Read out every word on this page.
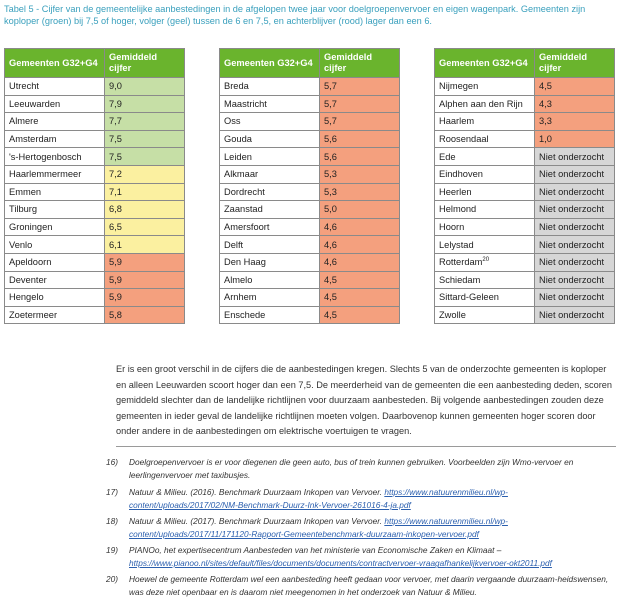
Tabel 5 - Cijfer van de gemeentelijke aanbestedingen in de afgelopen twee jaar voor doelgroepenvervoer en eigen wagenpark. Gemeenten zijn koploper (groen) bij 7,5 of hoger, volger (geel) tussen de 6 en 7,5, en achterblijver (rood) lager dan een 6.
Gemeenten G32+G4	Gemiddeld cijfer
Utrecht	9,0
Leeuwarden	7,9
Almere	7,7
Amsterdam	7,5
's-Hertogenbosch	7,5
Haarlemmermeer	7,2
Emmen	7,1
Tilburg	6,8
Groningen	6,5
Venlo	6,1
Apeldoorn	5,9
Deventer	5,9
Hengelo	5,9
Zoetermeer	5,8
Gemeenten G32+G4	Gemiddeld cijfer
Breda	5,7
Maastricht	5,7
Oss	5,7
Gouda	5,6
Leiden	5,6
Alkmaar	5,3
Dordrecht	5,3
Zaanstad	5,0
Amersfoort	4,6
Delft	4,6
Den Haag	4,6
Almelo	4,5
Arnhem	4,5
Enschede	4,5
Gemeenten G32+G4	Gemiddeld cijfer
Nijmegen	4,5
Alphen aan den Rijn	4,3
Haarlem	3,3
Roosendaal	1,0
Ede	Niet onderzocht
Eindhoven	Niet onderzocht
Heerlen	Niet onderzocht
Helmond	Niet onderzocht
Hoorn	Niet onderzocht
Lelystad	Niet onderzocht
Rotterdam$^{20}$	Niet onderzocht
Schiedam	Niet onderzocht
Sittard-Geleen	Niet onderzocht
Zwolle	Niet onderzocht
Er is een groot verschil in de cijfers die de aanbestedingen kregen. Slechts 5 van de onderzochte gemeenten is koploper en alleen Leeuwarden scoort hoger dan een 7,5. De meerderheid van de gemeenten die een aanbesteding deden, scoren gemiddeld slechter dan de landelijke richtlijnen voor duurzaam aanbesteden. Bij volgende aanbestedingen zouden deze gemeenten in ieder geval de landelijke richtlijnen moeten volgen. Daarbovenop kunnen gemeenten hoger scoren door onder andere in de aanbestedingen om elektrische voertuigen te vragen.
16) Doelgroepenvervoer is er voor diegenen die geen auto, bus of trein kunnen gebruiken. Voorbeelden zijn Wmo-vervoer en leerlingenvervoer met taxibusjes.
17) Natuur & Milieu. (2016). Benchmark Duurzaam Inkopen van Vervoer. https://www.natuurenmilieu.nl/wp-content/uploads/2017/02/NM-Benchmark-Duurz-Ink-Vervoer-261016-4-ja.pdf
18) Natuur & Milieu. (2017). Benchmark Duurzaam Inkopen van Vervoer. https://www.natuurenmilieu.nl/wp-content/uploads/2017/11/171120-Rapport-Gemeentebenchmark-duurzaam-inkopen-vervoer.pdf
19) PIANOo, het expertisecentrum Aanbesteden van het ministerie van Economische Zaken en Klimaat – https://www.pianoo.nl/sites/default/files/documents/documents/contractvervoer-vraagafhankelijkvervoer-okt2011.pdf
20) Hoewel de gemeente Rotterdam wel een aanbesteding heeft gedaan voor vervoer, met daarin vergaande duurzaam-heidswensen, was deze niet openbaar en is daarom niet meegenomen in het onderzoek van Natuur & Milieu.
